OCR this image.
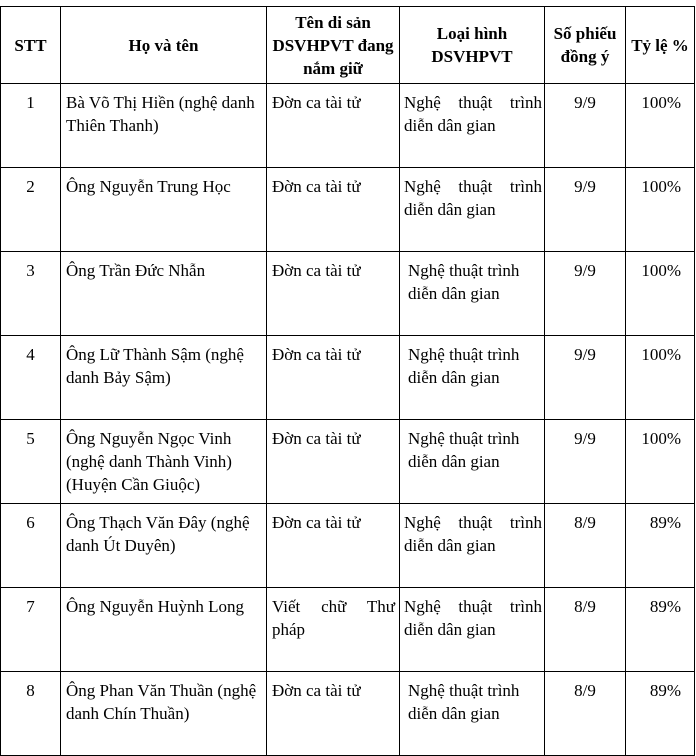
STT	Họ và tên	Tên di sản DSVHPVT đang nắm giữ	Loại hình DSVHPVT	Số phiếu đồng ý	Tỷ lệ %
1	Bà Võ Thị Hiền (nghệ danh Thiên Thanh)	Đờn ca tài tử	Nghệ thuật trình diễn dân gian	9/9	100%
2	Ông Nguyễn Trung Học	Đờn ca tài tử	Nghệ thuật trình diễn dân gian	9/9	100%
3	Ông Trần Đức Nhẫn	Đờn ca tài tử	Nghệ thuật trình diễn dân gian	9/9	100%
4	Ông Lữ Thành Sậm (nghệ danh Bảy Sậm)	Đờn ca tài tử	Nghệ thuật trình diễn dân gian	9/9	100%
5	Ông Nguyễn Ngọc Vinh (nghệ danh Thành Vinh) (Huyện Cần Giuộc)	Đờn ca tài tử	Nghệ thuật trình diễn dân gian	9/9	100%
6	Ông Thạch Văn Đây (nghệ danh Út Duyên)	Đờn ca tài tử	Nghệ thuật trình diễn dân gian	8/9	89%
7	Ông Nguyễn Huỳnh Long	Viết chữ Thư pháp	Nghệ thuật trình diễn dân gian	8/9	89%
8	Ông Phan Văn Thuần (nghệ danh Chín Thuần)	Đờn ca tài tử	Nghệ thuật trình diễn dân gian	8/9	89%
